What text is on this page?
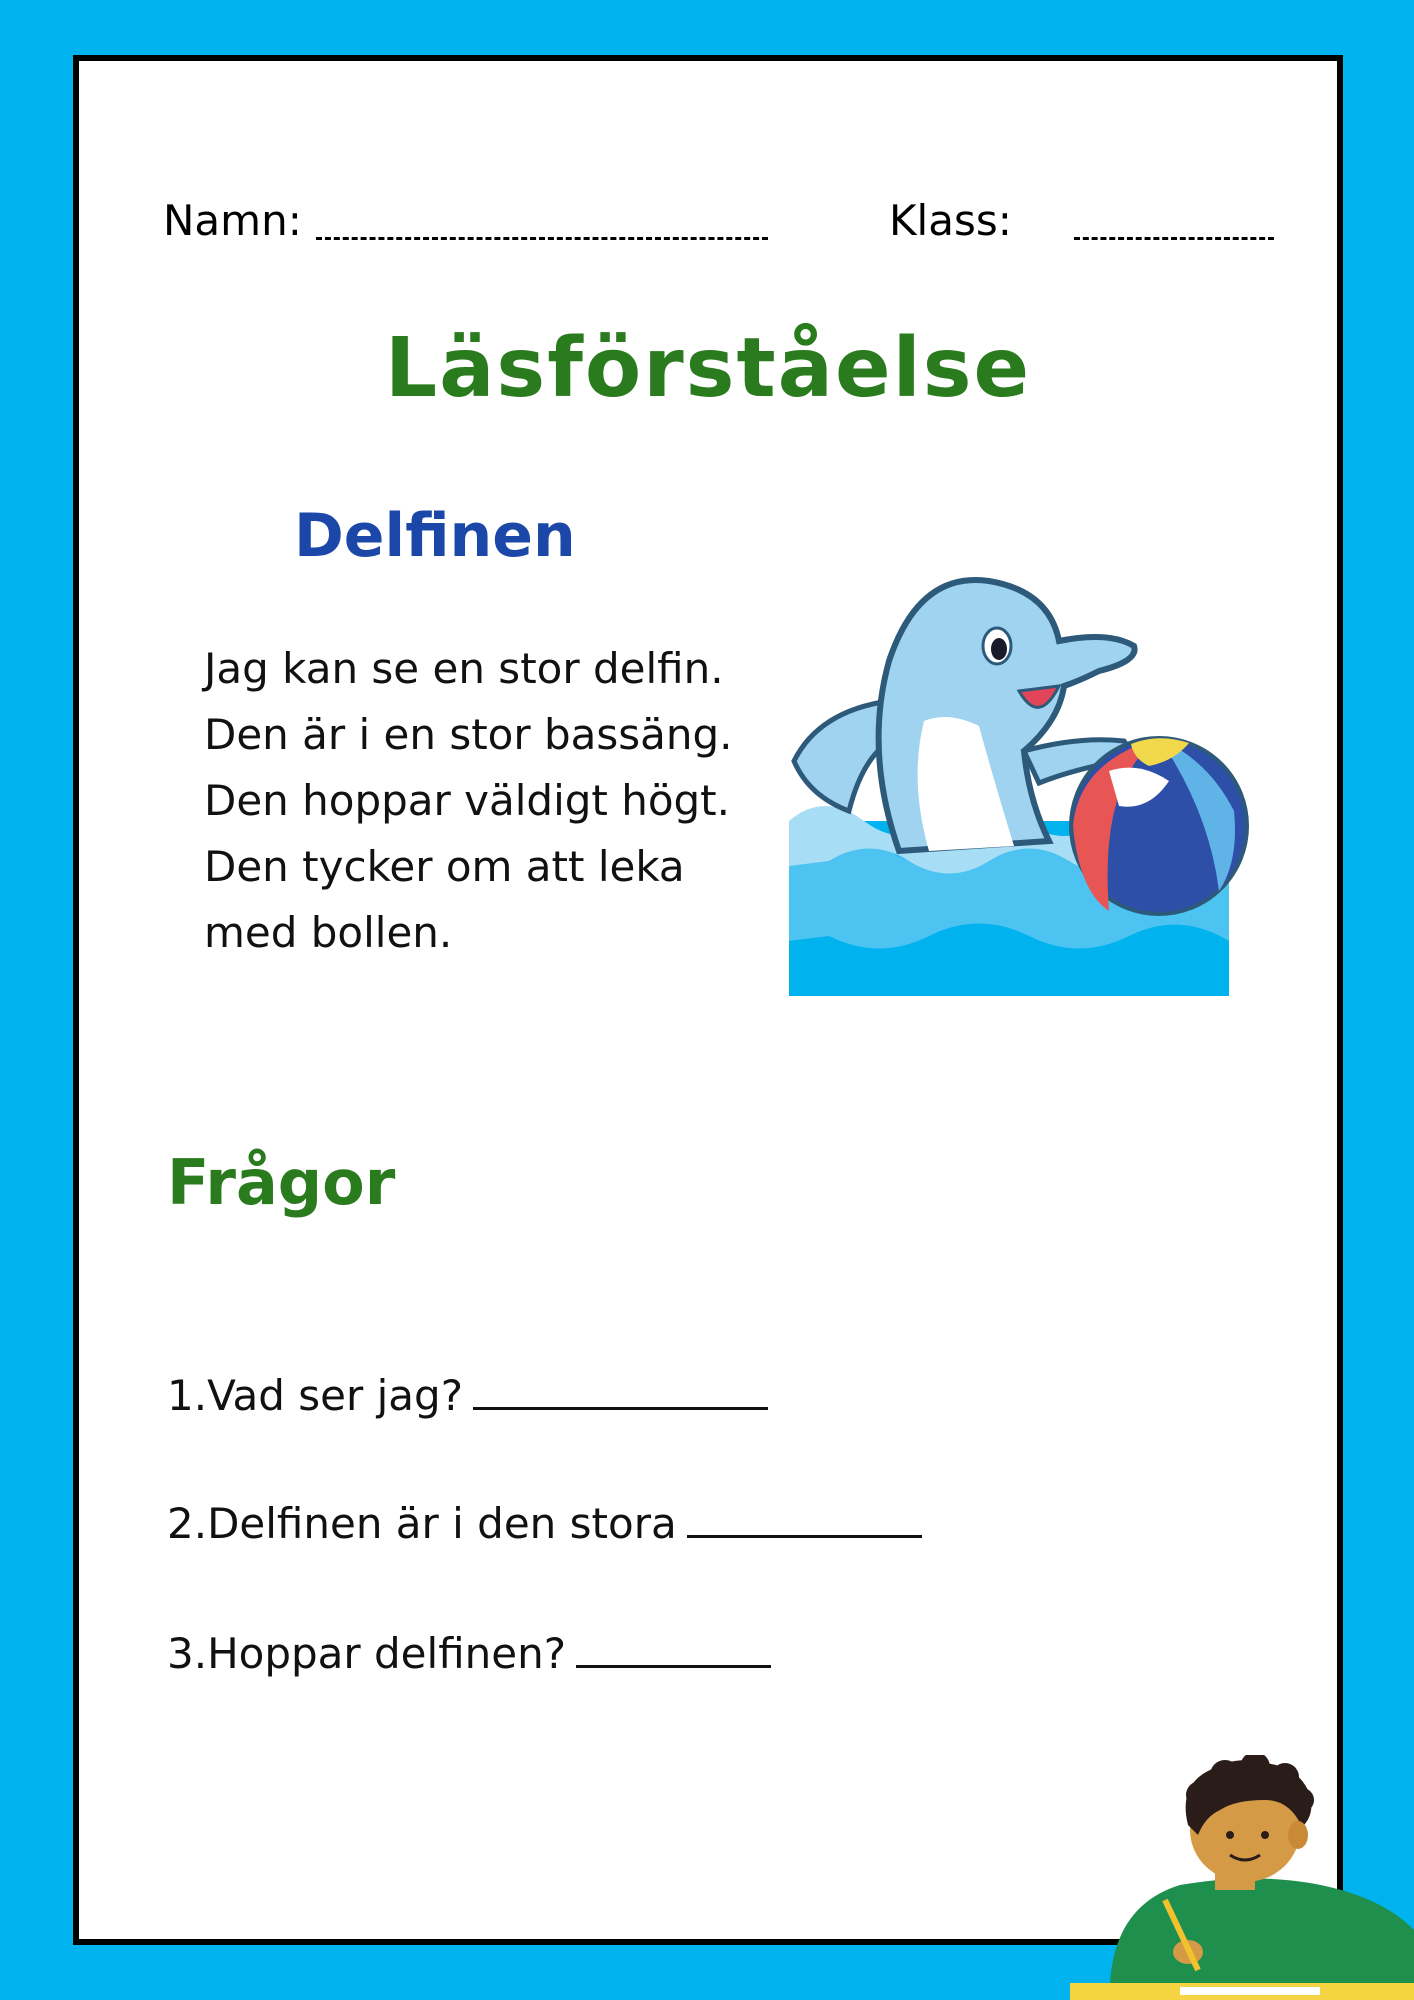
Namn:	Klass:
Läsförståelse
Delfinen
Jag kan se en stor delfin. Den är i en stor bassäng. Den hoppar väldigt högt. Den tycker om att leka med bollen.
Frågor
1.Vad ser jag?
2.Delfinen är i den stora
3.Hoppar delfinen?
